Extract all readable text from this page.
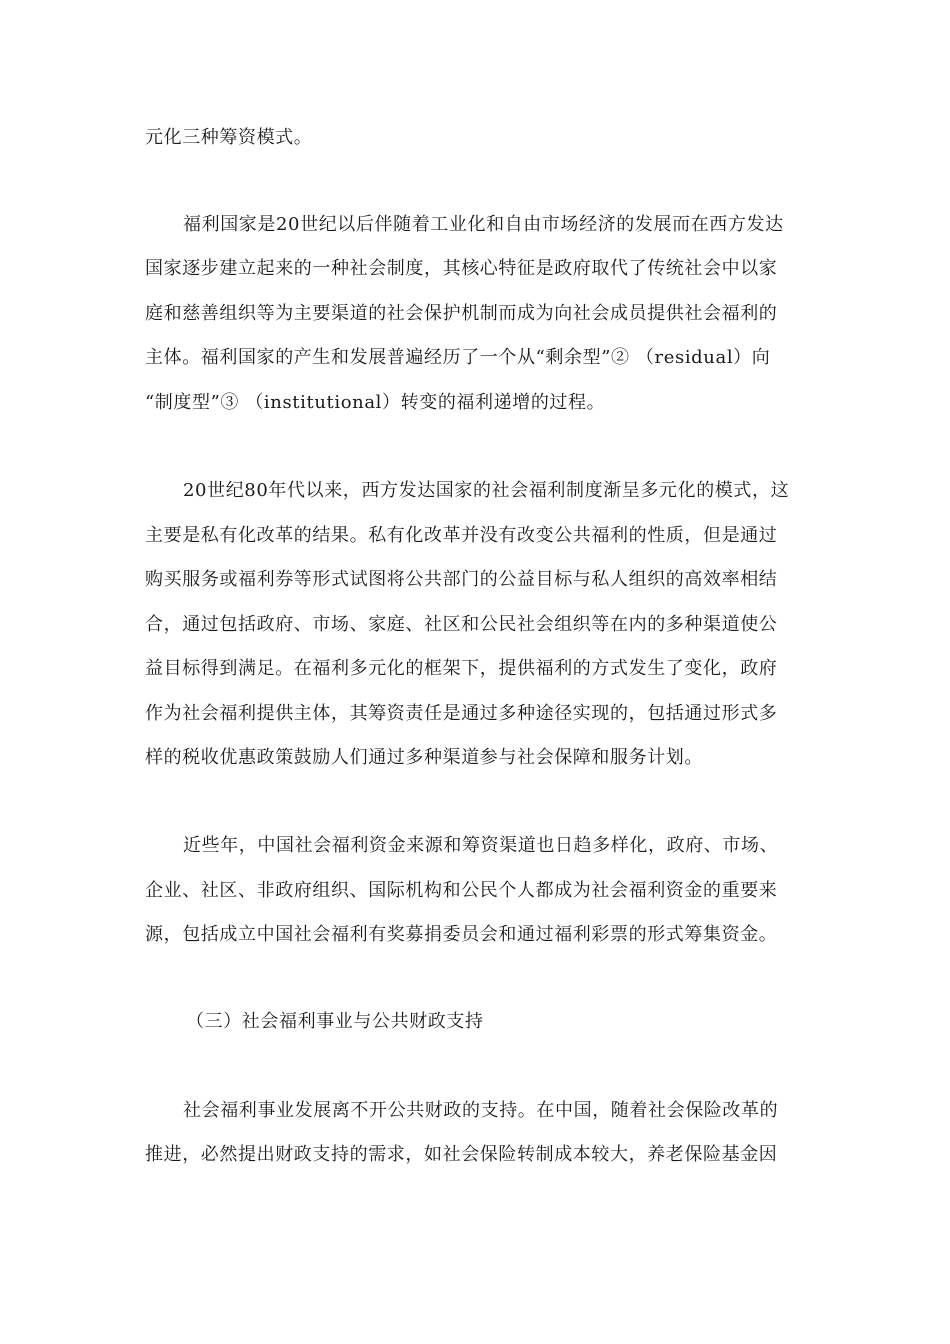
元化三种筹资模式。
福利国家是20世纪以后伴随着工业化和自由市场经济的发展而在西方发达
国家逐步建立起来的一种社会制度，其核心特征是政府取代了传统社会中以家
庭和慈善组织等为主要渠道的社会保护机制而成为向社会成员提供社会福利的
主体。福利国家的产生和发展普遍经历了一个从“剩余型”② （residual）向
“制度型”③ （institutional）转变的福利递增的过程。
20世纪80年代以来，西方发达国家的社会福利制度渐呈多元化的模式，这
主要是私有化改革的结果。私有化改革并没有改变公共福利的性质，但是通过
购买服务或福利券等形式试图将公共部门的公益目标与私人组织的高效率相结
合，通过包括政府、市场、家庭、社区和公民社会组织等在内的多种渠道使公
益目标得到满足。在福利多元化的框架下，提供福利的方式发生了变化，政府
作为社会福利提供主体，其筹资责任是通过多种途径实现的，包括通过形式多
样的税收优惠政策鼓励人们通过多种渠道参与社会保障和服务计划。
近些年，中国社会福利资金来源和筹资渠道也日趋多样化，政府、市场、
企业、社区、非政府组织、国际机构和公民个人都成为社会福利资金的重要来
源，包括成立中国社会福利有奖募捐委员会和通过福利彩票的形式筹集资金。
（三）社会福利事业与公共财政支持
社会福利事业发展离不开公共财政的支持。在中国，随着社会保险改革的
推进，必然提出财政支持的需求，如社会保险转制成本较大，养老保险基金因
